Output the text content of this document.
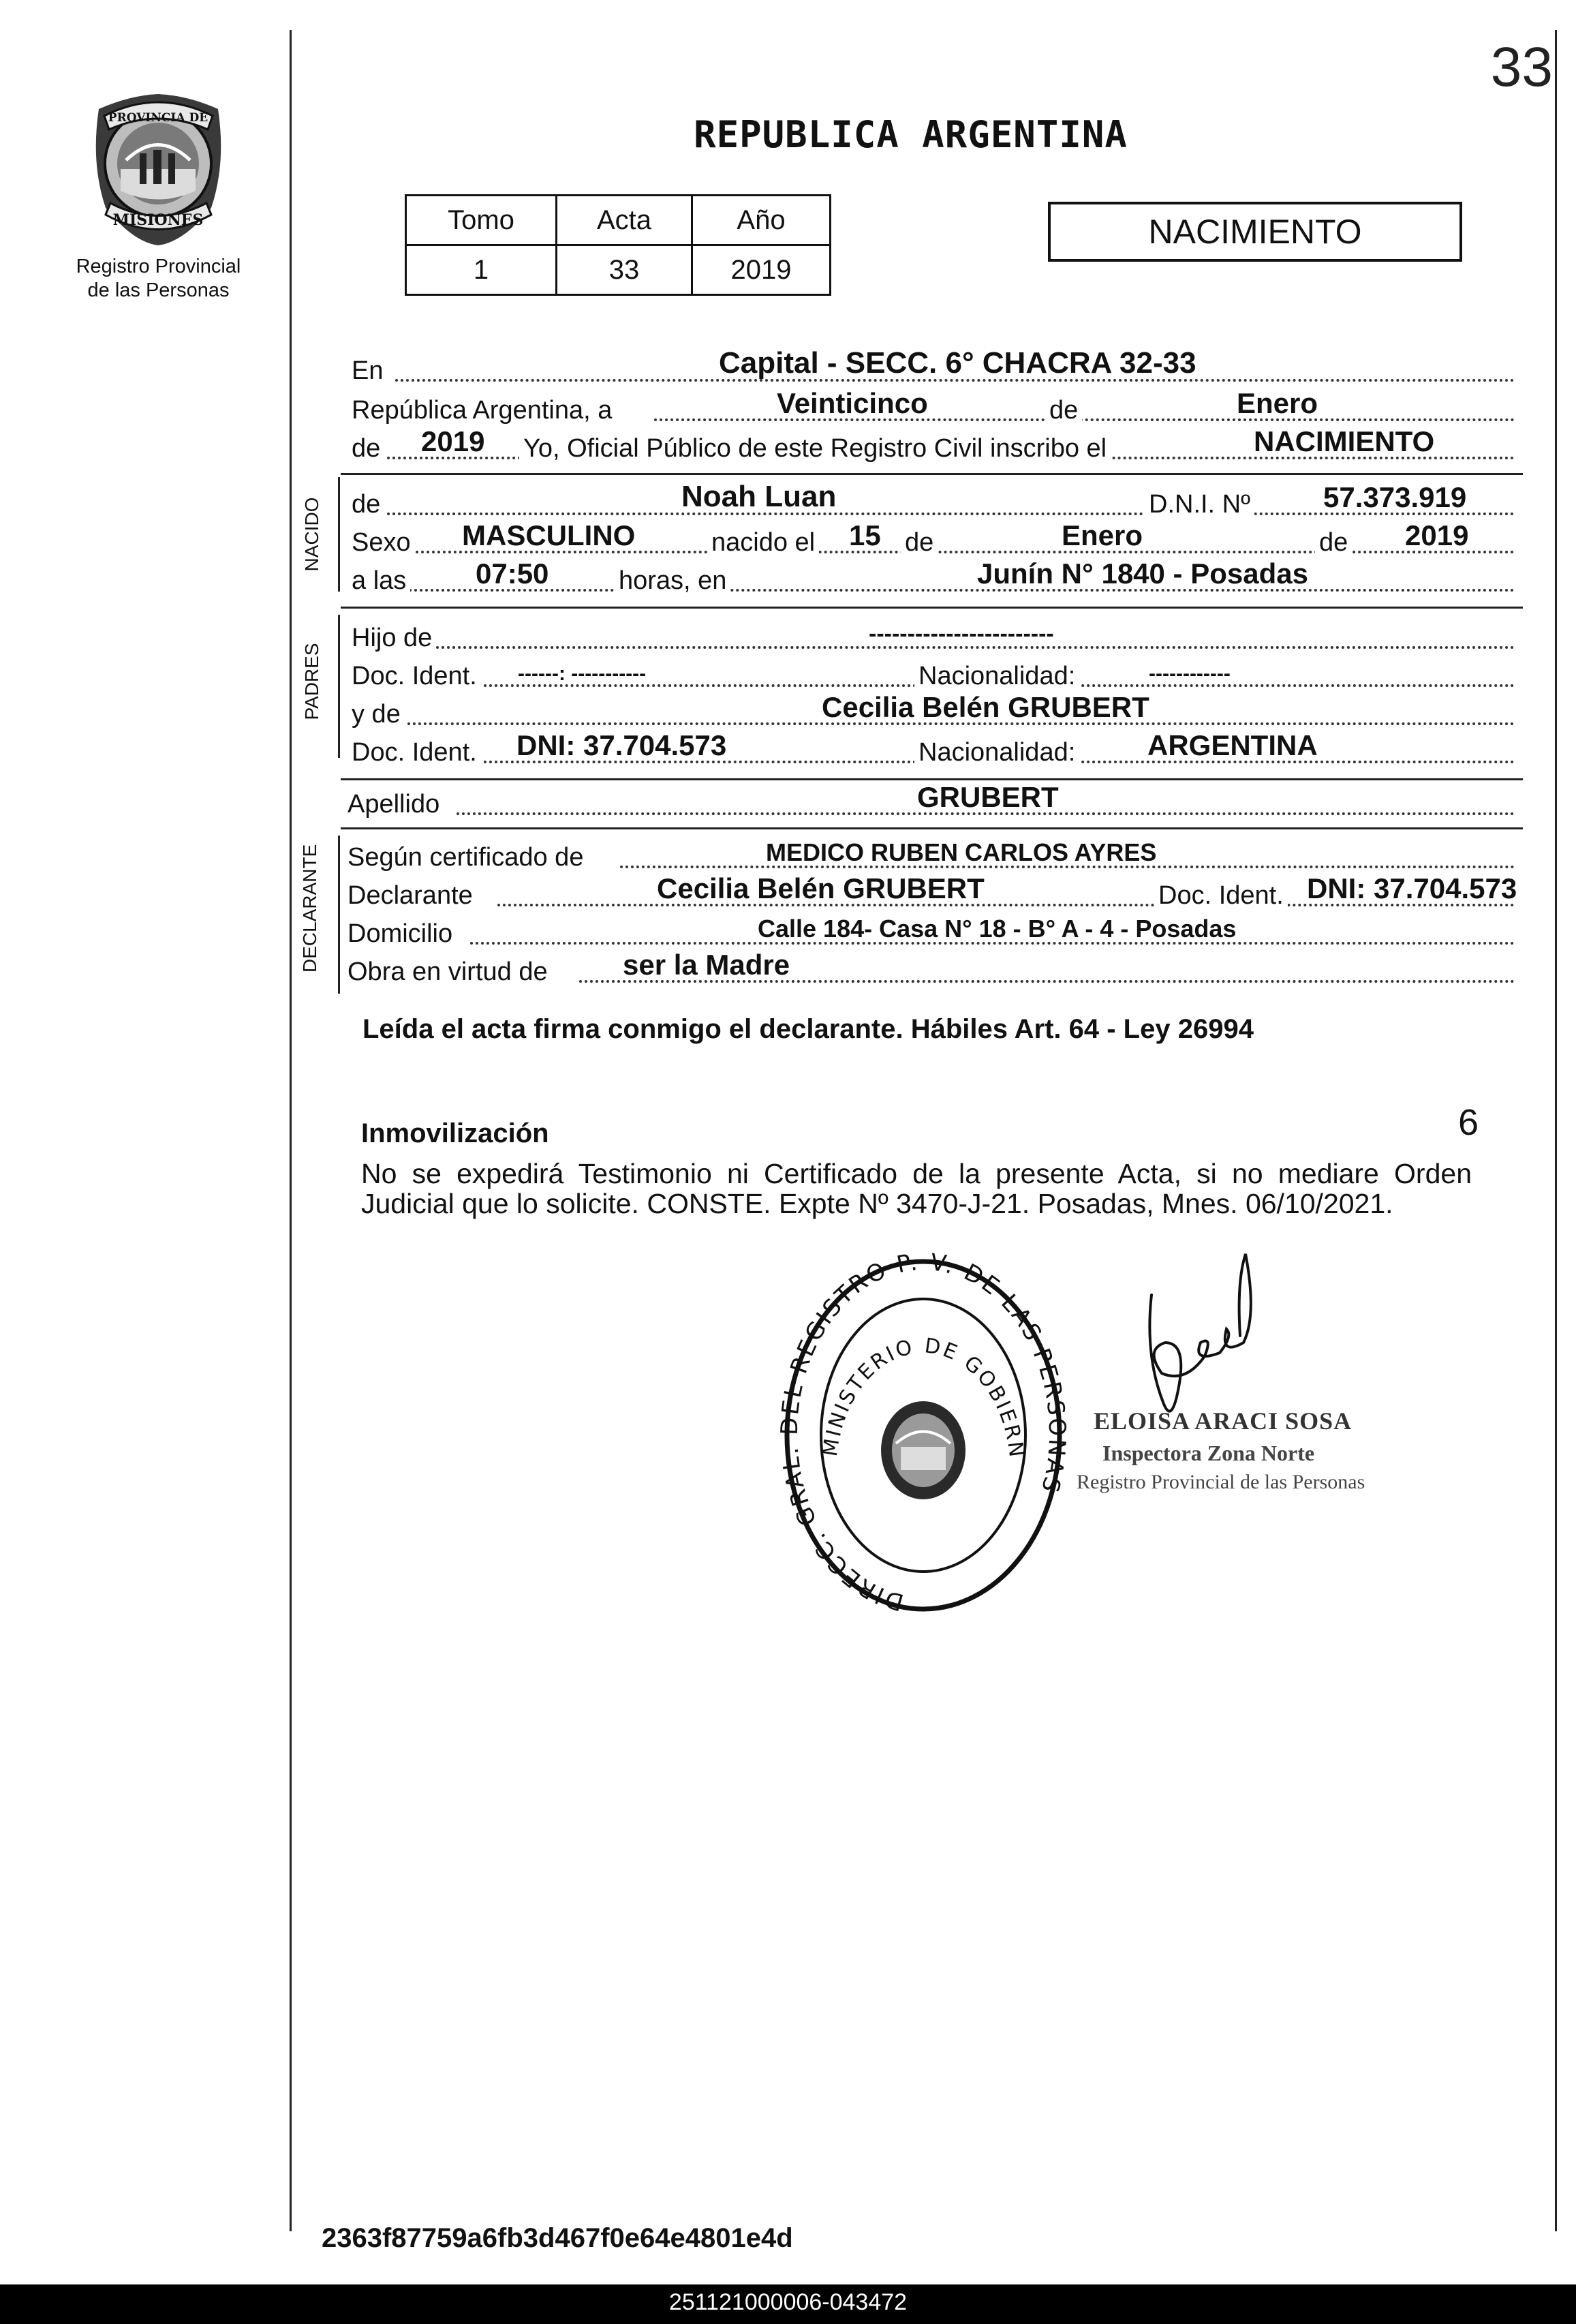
33
REPUBLICA ARGENTINA
PROVINCIA DE
MISIONES
Registro Provincial
de las Personas
Tomo	Acta	Año
1	33	2019
NACIMIENTO
En	Capital - SECC. 6° CHACRA 32-33
República Argentina, a	Veinticinco	de	Enero
de 2019 Yo, Oficial Público de este Registro Civil inscribo el	NACIMIENTO
NACIDO de	Noah Luan	D.N.I. Nº	57.373.919
Sexo MASCULINO	nacido el 15 de	Enero	de 2019
a las 07:50	horas, en	Junín N° 1840 - Posadas
PADRES
Hijo de	------------------------
Doc. Ident. ------: -----------	Nacionalidad:	------------
y de	Cecilia Belén GRUBERT
Doc. Ident. DNI: 37.704.573	Nacionalidad:	ARGENTINA
Apellido	GRUBERT
DECLARANTE Según certificado de	MEDICO RUBEN CARLOS AYRES
Declarante	Cecilia Belén GRUBERT	Doc. Ident. DNI: 37.704.573
Domicilio	Calle 184- Casa N° 18 - B° A - 4 - Posadas
Obra en virtud de	ser la Madre
Leída el acta firma conmigo el declarante. Hábiles Art. 64 - Ley 26994
Inmovilización	6
No se expedirá Testimonio ni Certificado de la presente Acta, si no mediare Orden Judicial que lo solicite. CONSTE. Expte Nº 3470-J-21. Posadas, Mnes. 06/10/2021.
DIRECC. GRAL. DEL REGISTRO P. V. DE LAS PERSONAS
MINISTERIO DE GOBIERN
ELOISA ARACI SOSA
Inspectora Zona Norte
Registro Provincial de las Personas
2363f87759a6fb3d467f0e64e4801e4d
251121000006-043472
